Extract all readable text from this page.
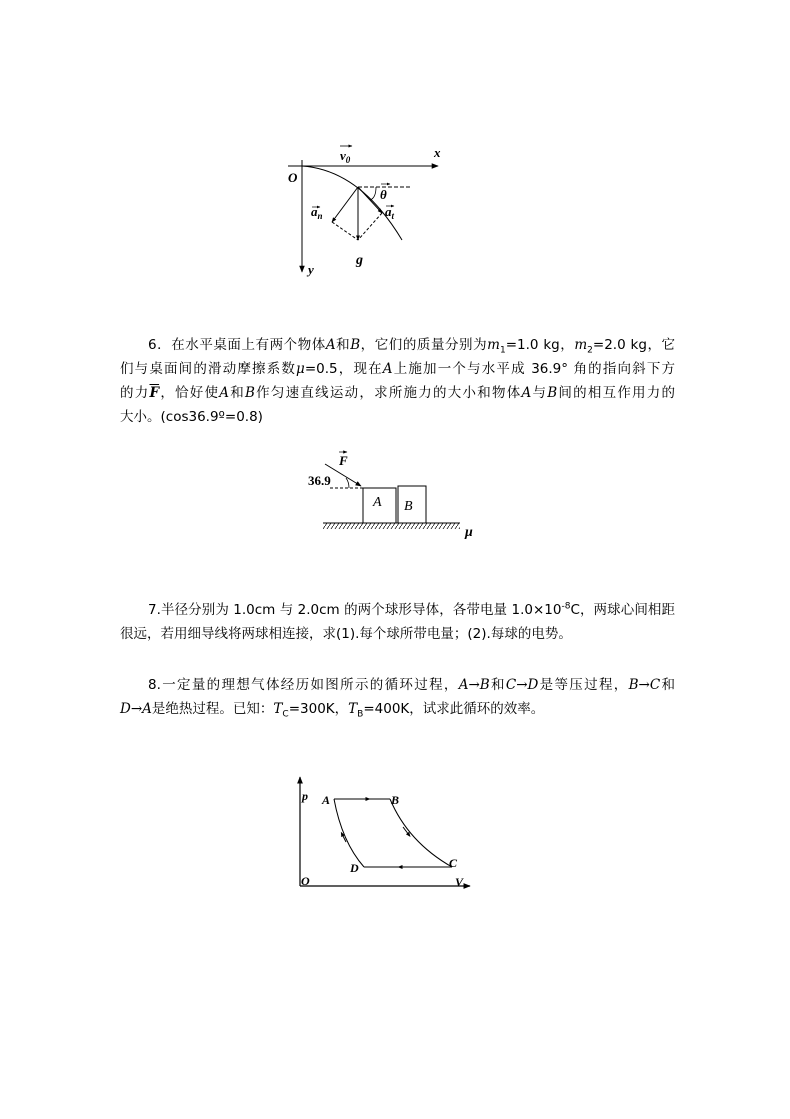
$v_0$	x
O
θ
$a_n$	$a_t$
g
y
6．在水平桌面上有两个物体A和B，它们的质量分别为$m_1=1.0$ kg，$m_2=2.0$ kg，它
们与桌面间的滑动摩擦系数μ=0.5，现在A上施加一个与水平成 36.9° 角的指向斜下方
的力$\overline{F}$，恰好使A和B作匀速直线运动，求所施力的大小和物体A与B间的相互作用力的
大小。(cos36.9º=0.8)
F
36.9
A B
μ
7.半径分别为 1.0cm 与 2.0cm 的两个球形导体，各带电量 $1.0\times 10^{-8}C$，两球心间相距
很远，若用细导线将两球相连接，求(1).每个球所带电量；(2).每球的电势。
8.一定量的理想气体经历如图所示的循环过程，A→B和C→D是等压过程，B→C和
D→A是绝热过程。已知：$T_C=300K$，$T_B=400K$，试求此循环的效率。
p
V
O
A	B
C
D
